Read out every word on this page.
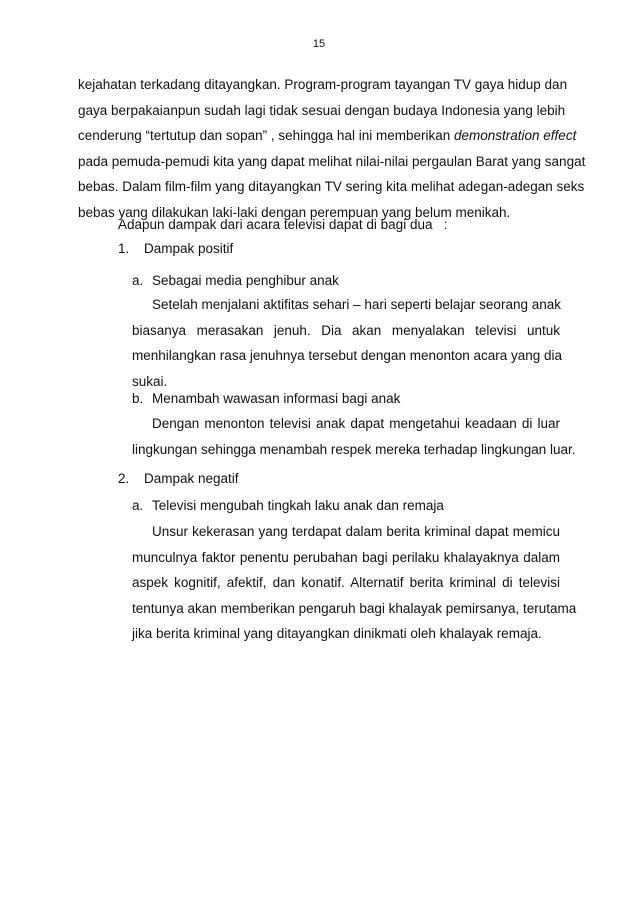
15
kejahatan terkadang ditayangkan. Program-program tayangan TV gaya hidup dan
gaya berpakaianpun sudah lagi tidak sesuai dengan budaya Indonesia yang lebih
cenderung “tertutup dan sopan” , sehingga hal ini memberikan demonstration effect
pada pemuda-pemudi kita yang dapat melihat nilai-nilai pergaulan Barat yang sangat
bebas. Dalam film-film yang ditayangkan TV sering kita melihat adegan-adegan seks
bebas yang dilakukan laki-laki dengan perempuan yang belum menikah.
Adapun dampak dari acara televisi dapat di bagi dua   :
1. Dampak positif
a. Sebagai media penghibur anak
Setelah menjalani aktifitas sehari – hari seperti belajar seorang anak
biasanya merasakan jenuh. Dia akan menyalakan televisi untuk
menhilangkan rasa jenuhnya tersebut dengan menonton acara yang dia
sukai.
b. Menambah wawasan informasi bagi anak
Dengan menonton televisi anak dapat mengetahui keadaan di luar
lingkungan sehingga menambah respek mereka terhadap lingkungan luar.
2. Dampak negatif
a. Televisi mengubah tingkah laku anak dan remaja
Unsur kekerasan yang terdapat dalam berita kriminal dapat memicu
munculnya faktor penentu perubahan bagi perilaku khalayaknya dalam
aspek kognitif, afektif, dan konatif. Alternatif berita kriminal di televisi
tentunya akan memberikan pengaruh bagi khalayak pemirsanya, terutama
jika berita kriminal yang ditayangkan dinikmati oleh khalayak remaja.
